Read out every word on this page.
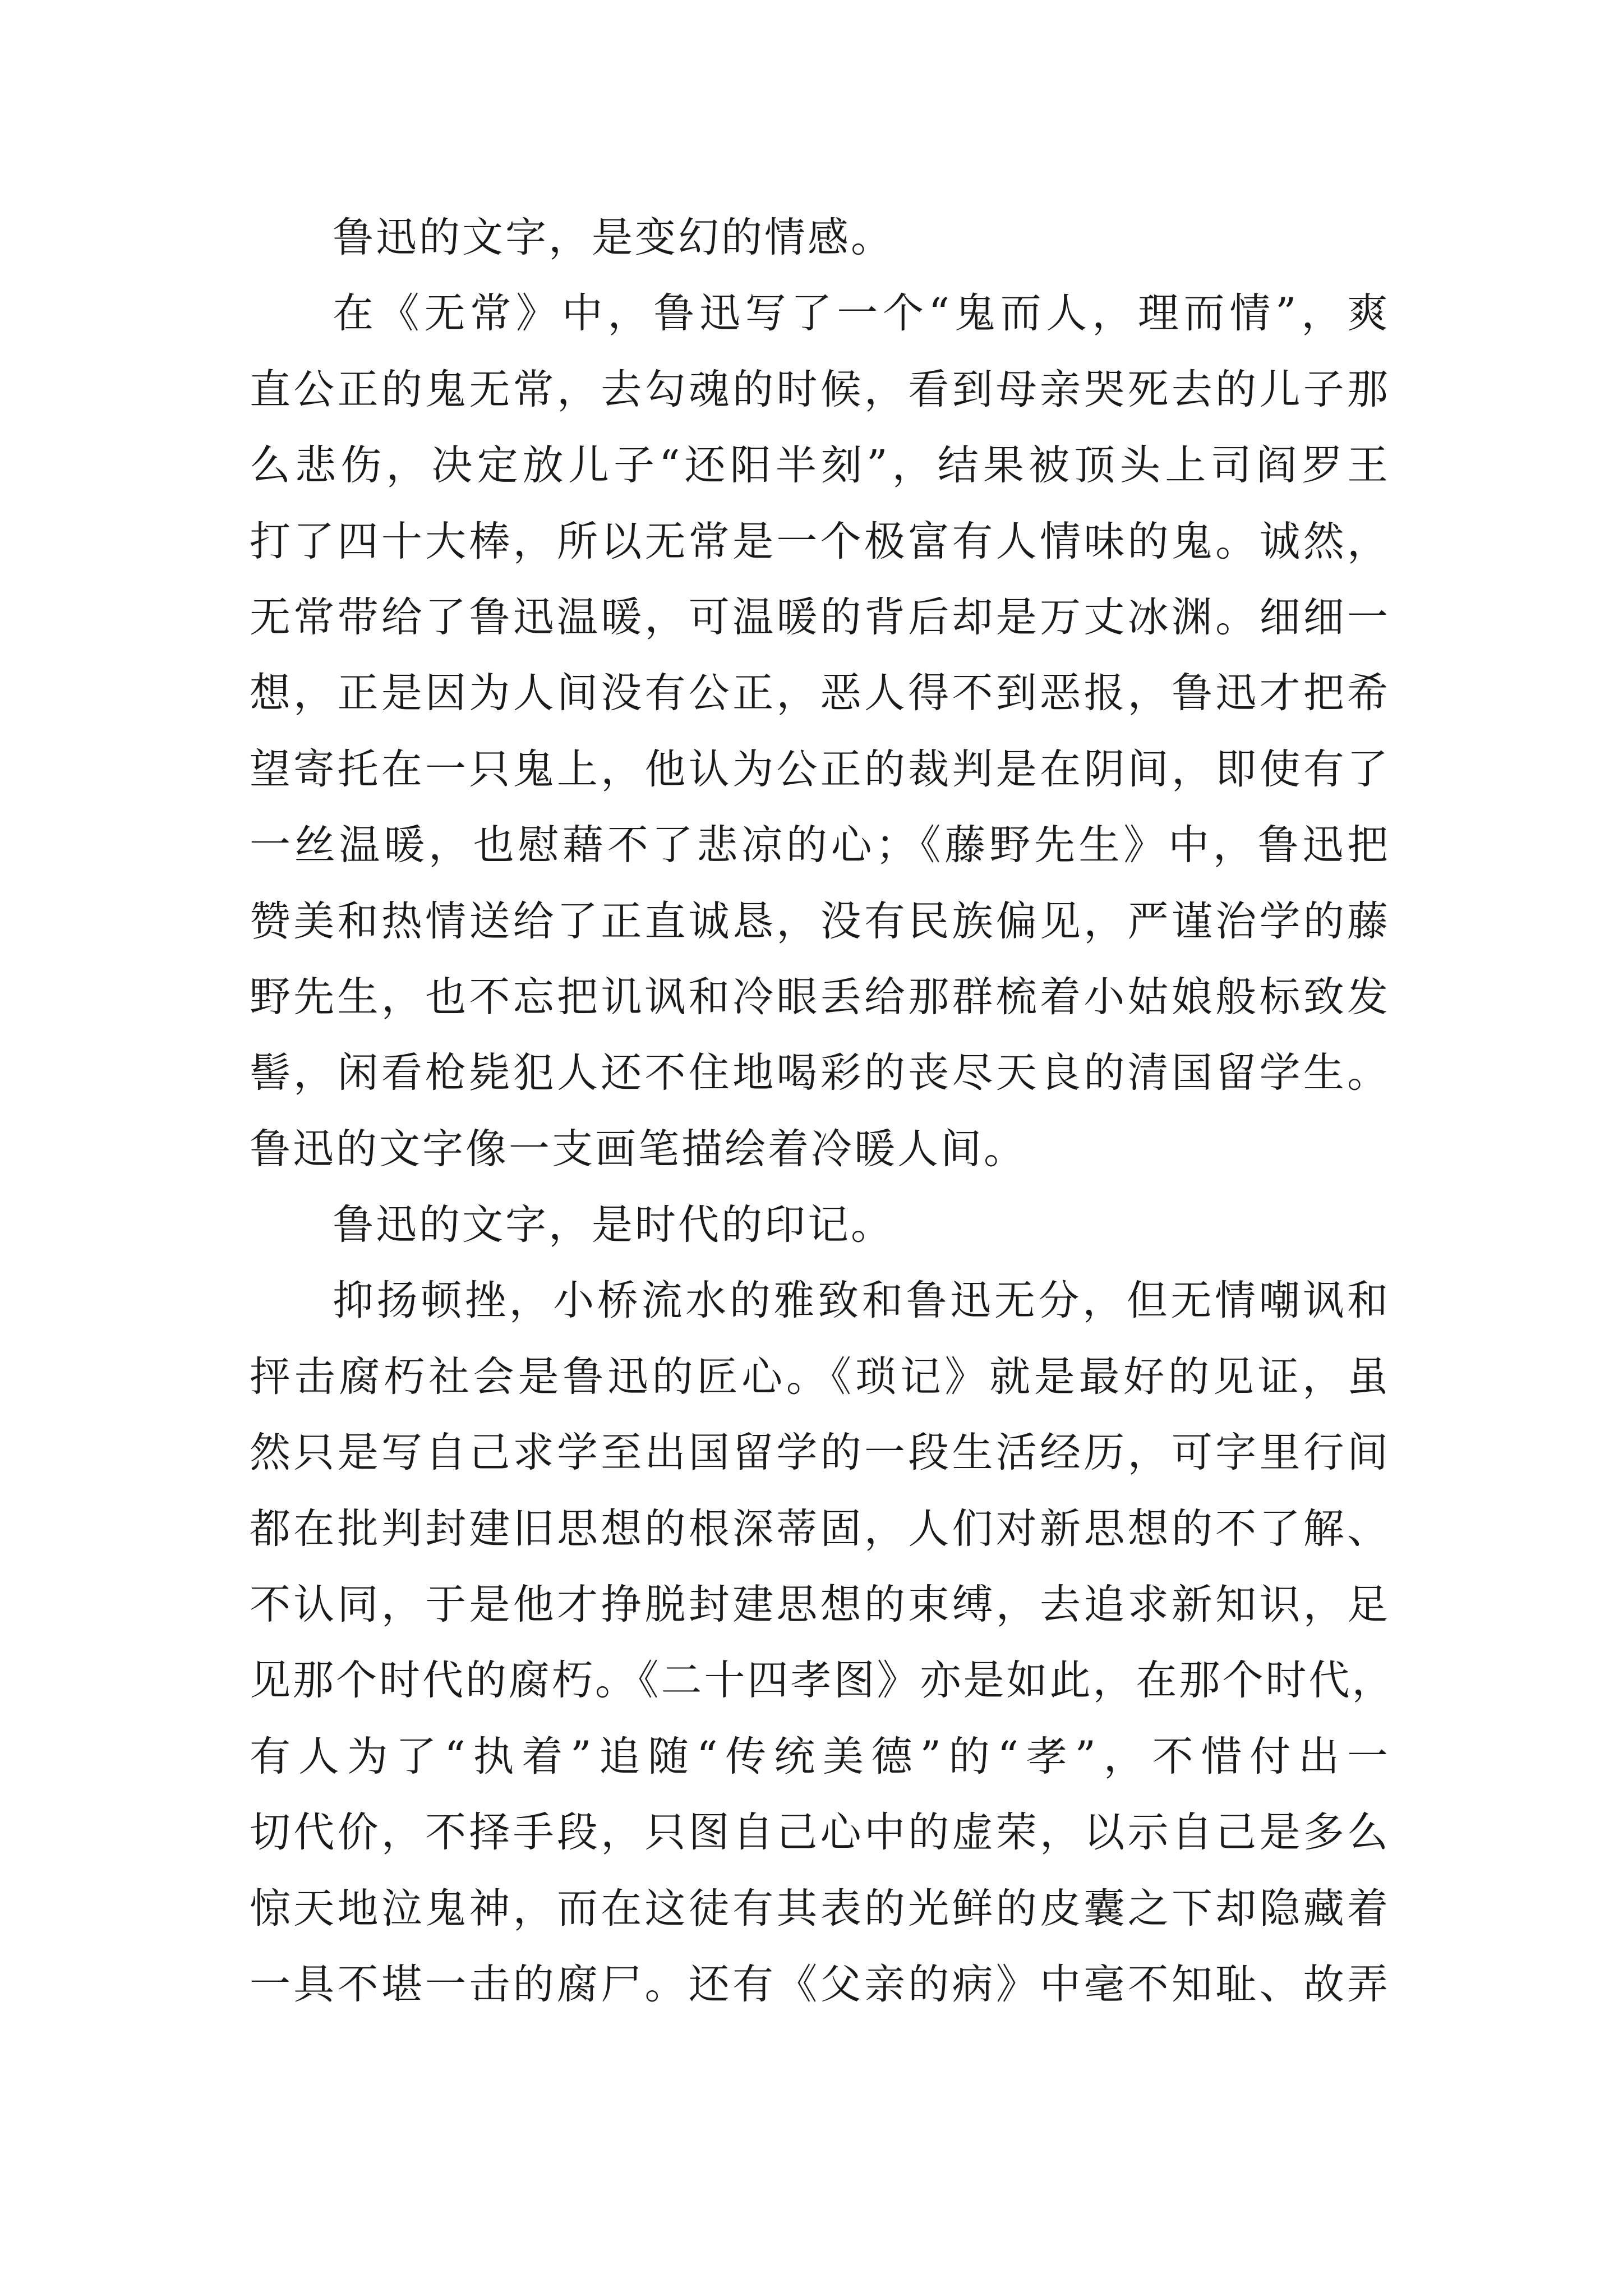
鲁迅的文字，是变幻的情感。
在《无常》中，鲁迅写了一个“鬼而人，理而情”，爽
直公正的鬼无常，去勾魂的时候，看到母亲哭死去的儿子那
么悲伤，决定放儿子“还阳半刻”，结果被顶头上司阎罗王
打了四十大棒，所以无常是一个极富有人情味的鬼。诚然，
无常带给了鲁迅温暖，可温暖的背后却是万丈冰渊。细细一
想，正是因为人间没有公正，恶人得不到恶报，鲁迅才把希
望寄托在一只鬼上，他认为公正的裁判是在阴间，即使有了
一丝温暖，也慰藉不了悲凉的心；《藤野先生》中，鲁迅把
赞美和热情送给了正直诚恳，没有民族偏见，严谨治学的藤
野先生，也不忘把讥讽和冷眼丢给那群梳着小姑娘般标致发
髻，闲看枪毙犯人还不住地喝彩的丧尽天良的清国留学生。
鲁迅的文字像一支画笔描绘着冷暖人间。
鲁迅的文字，是时代的印记。
抑扬顿挫，小桥流水的雅致和鲁迅无分，但无情嘲讽和
抨击腐朽社会是鲁迅的匠心。《琐记》就是最好的见证，虽
然只是写自己求学至出国留学的一段生活经历，可字里行间
都在批判封建旧思想的根深蒂固，人们对新思想的不了解、
不认同，于是他才挣脱封建思想的束缚，去追求新知识，足
见那个时代的腐朽。《二十四孝图》亦是如此，在那个时代，
有人为了“执着”追随“传统美德”的“孝”，不惜付出一
切代价，不择手段，只图自己心中的虚荣，以示自己是多么
惊天地泣鬼神，而在这徒有其表的光鲜的皮囊之下却隐藏着
一具不堪一击的腐尸。还有《父亲的病》中毫不知耻、故弄
